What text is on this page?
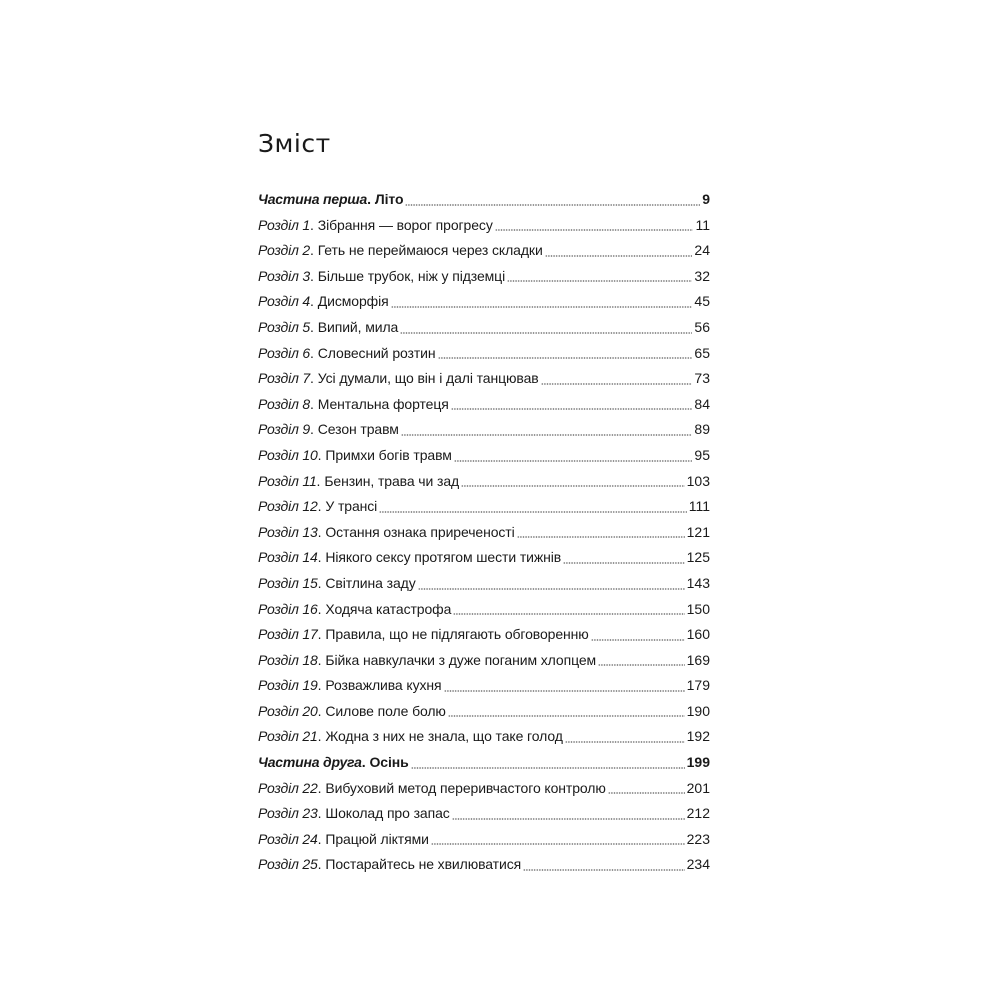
Зміст
Частина перша . Літо	9
Розділ 1 . Зібрання — ворог прогресу	11
Розділ 2 . Геть не переймаюся через складки	24
Розділ 3 . Більше трубок, ніж у підземці	32
Розділ 4 . Дисморфія	45
Розділ 5 . Випий, мила	56
Розділ 6 . Словесний розтин	65
Розділ 7 . Усі думали, що він і далі танцював	73
Розділ 8 . Ментальна фортеця	84
Розділ 9 . Сезон травм	89
Розділ 10 . Примхи богів травм	95
Розділ 11 . Бензин, трава чи зад	103
Розділ 12 . У трансі	111
Розділ 13 . Остання ознака приреченості	121
Розділ 14 . Ніякого сексу протягом шести тижнів	125
Розділ 15 . Світлина заду	143
Розділ 16 . Ходяча катастрофа	150
Розділ 17 . Правила, що не підлягають обговоренню	160
Розділ 18 . Бійка навкулачки з дуже поганим хлопцем	169
Розділ 19 . Розважлива кухня	179
Розділ 20 . Силове поле болю	190
Розділ 21 . Жодна з них не знала, що таке голод	192
Частина друга . Осінь	199
Розділ 22 . Вибуховий метод переривчастого контролю	201
Розділ 23 . Шоколад про запас	212
Розділ 24 . Працюй ліктями	223
Розділ 25 . Постарайтесь не хвилюватися	234
